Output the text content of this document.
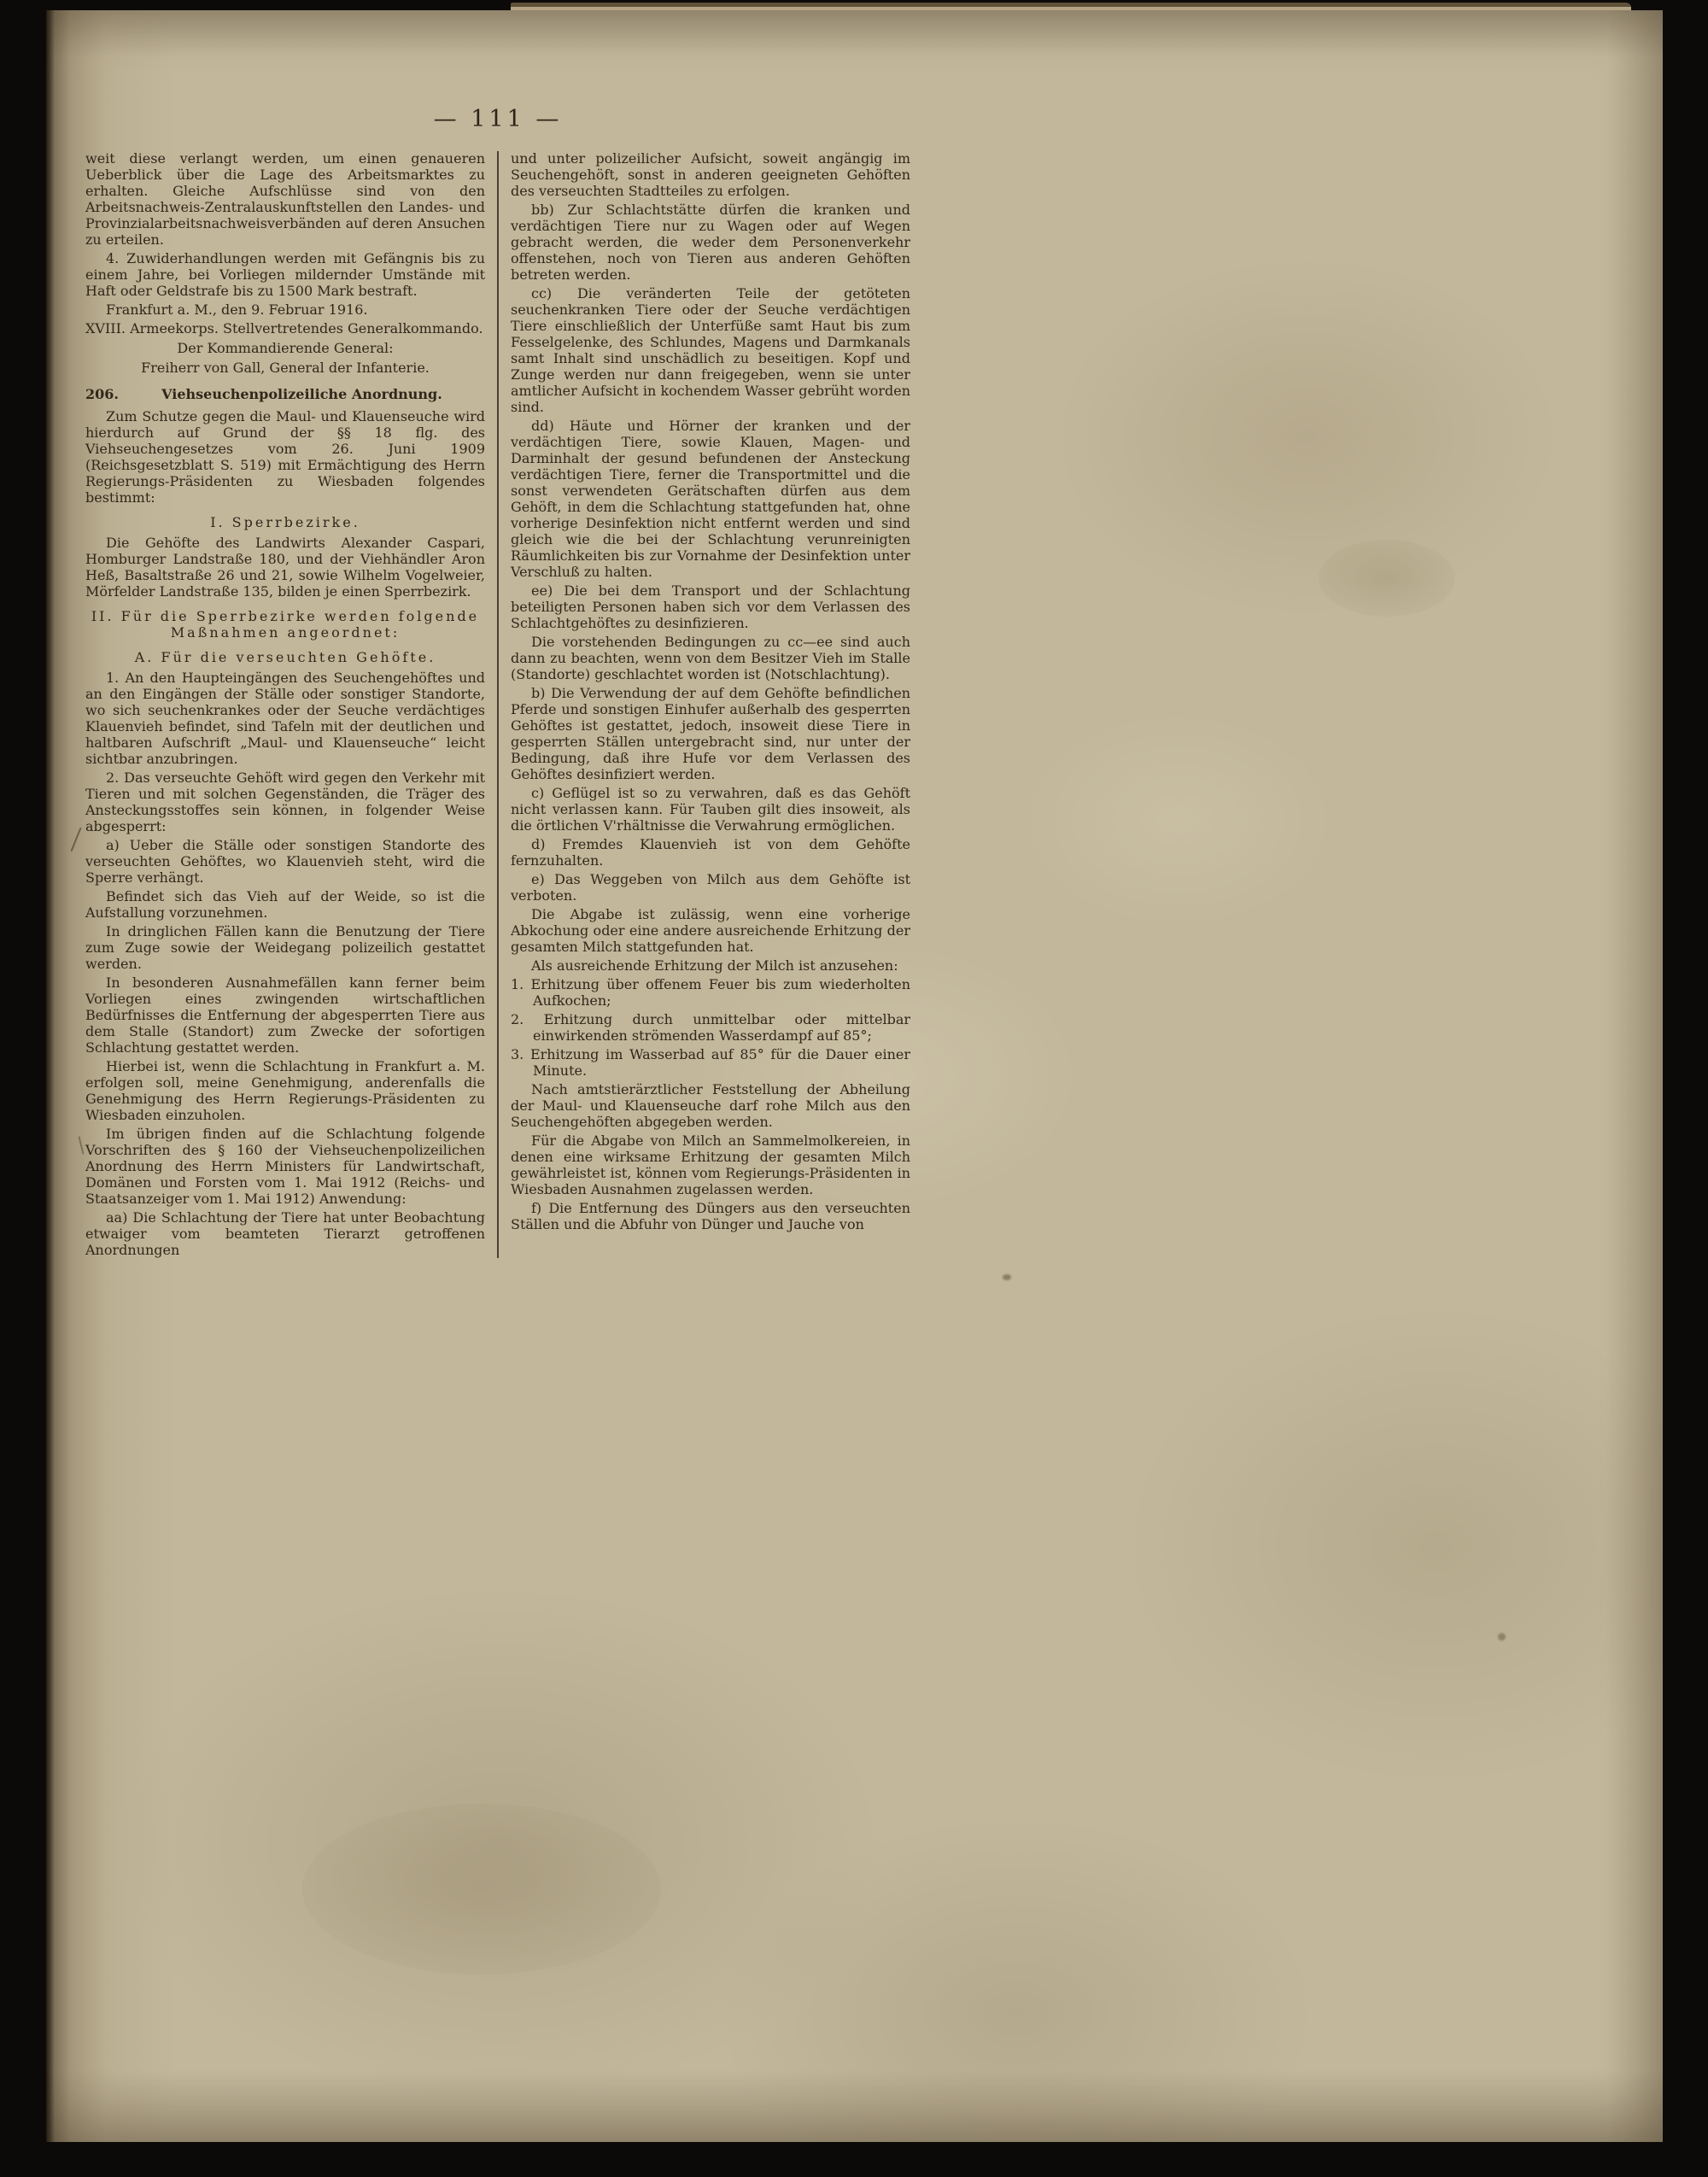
— 111 —
weit diese verlangt werden, um einen genaueren Ueberblick über die Lage des Arbeitsmarktes zu erhalten. Gleiche Aufschlüsse sind von den Arbeitsnachweis-Zentralauskunftstellen den Landes- und Provinzialarbeitsnachweisverbänden auf deren Ansuchen zu erteilen.
4. Zuwiderhandlungen werden mit Gefängnis bis zu einem Jahre, bei Vorliegen mildernder Umstände mit Haft oder Geldstrafe bis zu 1500 Mark bestraft.
Frankfurt a. M., den 9. Februar 1916.
XVIII. Armeekorps. Stellvertretendes Generalkommando.
Der Kommandierende General:
Freiherr von Gall, General der Infanterie.
206.	Viehseuchenpolizeiliche Anordnung.
Zum Schutze gegen die Maul- und Klauenseuche wird hierdurch auf Grund der §§ 18 flg. des Viehseuchengesetzes vom 26. Juni 1909 (Reichsgesetzblatt S. 519) mit Ermächtigung des Herrn Regierungs-Präsidenten zu Wiesbaden folgendes bestimmt:
I. Sperrbezirke.
Die Gehöfte des Landwirts Alexander Caspari, Homburger Landstraße 180, und der Viehhändler Aron Heß, Basaltstraße 26 und 21, sowie Wilhelm Vogelweier, Mörfelder Landstraße 135, bilden je einen Sperrbezirk.
II. Für die Sperrbezirke werden folgende Maßnahmen angeordnet:
A. Für die verseuchten Gehöfte.
1. An den Haupteingängen des Seuchengehöftes und an den Eingängen der Ställe oder sonstiger Standorte, wo sich seuchenkrankes oder der Seuche verdächtiges Klauenvieh befindet, sind Tafeln mit der deutlichen und haltbaren Aufschrift „Maul- und Klauenseuche“ leicht sichtbar anzubringen.
2. Das verseuchte Gehöft wird gegen den Verkehr mit Tieren und mit solchen Gegenständen, die Träger des Ansteckungsstoffes sein können, in folgender Weise abgesperrt:
a) Ueber die Ställe oder sonstigen Standorte des verseuchten Gehöftes, wo Klauenvieh steht, wird die Sperre verhängt.
Befindet sich das Vieh auf der Weide, so ist die Aufstallung vorzunehmen.
In dringlichen Fällen kann die Benutzung der Tiere zum Zuge sowie der Weidegang polizeilich gestattet werden.
In besonderen Ausnahmefällen kann ferner beim Vorliegen eines zwingenden wirtschaftlichen Bedürfnisses die Entfernung der abgesperrten Tiere aus dem Stalle (Standort) zum Zwecke der sofortigen Schlachtung gestattet werden.
Hierbei ist, wenn die Schlachtung in Frankfurt a. M. erfolgen soll, meine Genehmigung, anderenfalls die Genehmigung des Herrn Regierungs-Präsidenten zu Wiesbaden einzuholen.
Im übrigen finden auf die Schlachtung folgende Vorschriften des § 160 der Viehseuchenpolizeilichen Anordnung des Herrn Ministers für Landwirtschaft, Domänen und Forsten vom 1. Mai 1912 (Reichs- und Staatsanzeiger vom 1. Mai 1912) Anwendung:
aa) Die Schlachtung der Tiere hat unter Beobachtung etwaiger vom beamteten Tierarzt getroffenen Anordnungen
und unter polizeilicher Aufsicht, soweit angängig im Seuchengehöft, sonst in anderen geeigneten Gehöften des verseuchten Stadtteiles zu erfolgen.
bb) Zur Schlachtstätte dürfen die kranken und verdächtigen Tiere nur zu Wagen oder auf Wegen gebracht werden, die weder dem Personenverkehr offenstehen, noch von Tieren aus anderen Gehöften betreten werden.
cc) Die veränderten Teile der getöteten seuchenkranken Tiere oder der Seuche verdächtigen Tiere einschließlich der Unterfüße samt Haut bis zum Fesselgelenke, des Schlundes, Magens und Darmkanals samt Inhalt sind unschädlich zu beseitigen. Kopf und Zunge werden nur dann freigegeben, wenn sie unter amtlicher Aufsicht in kochendem Wasser gebrüht worden sind.
dd) Häute und Hörner der kranken und der verdächtigen Tiere, sowie Klauen, Magen- und Darminhalt der gesund befundenen der Ansteckung verdächtigen Tiere, ferner die Transportmittel und die sonst verwendeten Gerätschaften dürfen aus dem Gehöft, in dem die Schlachtung stattgefunden hat, ohne vorherige Desinfektion nicht entfernt werden und sind gleich wie die bei der Schlachtung verunreinigten Räumlichkeiten bis zur Vornahme der Desinfektion unter Verschluß zu halten.
ee) Die bei dem Transport und der Schlachtung beteiligten Personen haben sich vor dem Verlassen des Schlachtgehöftes zu desinfizieren.
Die vorstehenden Bedingungen zu cc—ee sind auch dann zu beachten, wenn von dem Besitzer Vieh im Stalle (Standorte) geschlachtet worden ist (Notschlachtung).
b) Die Verwendung der auf dem Gehöfte befindlichen Pferde und sonstigen Einhufer außerhalb des gesperrten Gehöftes ist gestattet, jedoch, insoweit diese Tiere in gesperrten Ställen untergebracht sind, nur unter der Bedingung, daß ihre Hufe vor dem Verlassen des Gehöftes desinfiziert werden.
c) Geflügel ist so zu verwahren, daß es das Gehöft nicht verlassen kann. Für Tauben gilt dies insoweit, als die örtlichen V'rhältnisse die Verwahrung ermöglichen.
d) Fremdes Klauenvieh ist von dem Gehöfte fernzuhalten.
e) Das Weggeben von Milch aus dem Gehöfte ist verboten.
Die Abgabe ist zulässig, wenn eine vorherige Abkochung oder eine andere ausreichende Erhitzung der gesamten Milch stattgefunden hat.
Als ausreichende Erhitzung der Milch ist anzusehen:
1. Erhitzung über offenem Feuer bis zum wiederholten Aufkochen;
2. Erhitzung durch unmittelbar oder mittelbar einwirkenden strömenden Wasserdampf auf 85°;
3. Erhitzung im Wasserbad auf 85° für die Dauer einer Minute.
Nach amtstierärztlicher Feststellung der Abheilung der Maul- und Klauenseuche darf rohe Milch aus den Seuchengehöften abgegeben werden.
Für die Abgabe von Milch an Sammelmolkereien, in denen eine wirksame Erhitzung der gesamten Milch gewährleistet ist, können vom Regierungs-Präsidenten in Wiesbaden Ausnahmen zugelassen werden.
f) Die Entfernung des Düngers aus den verseuchten Ställen und die Abfuhr von Dünger und Jauche von
